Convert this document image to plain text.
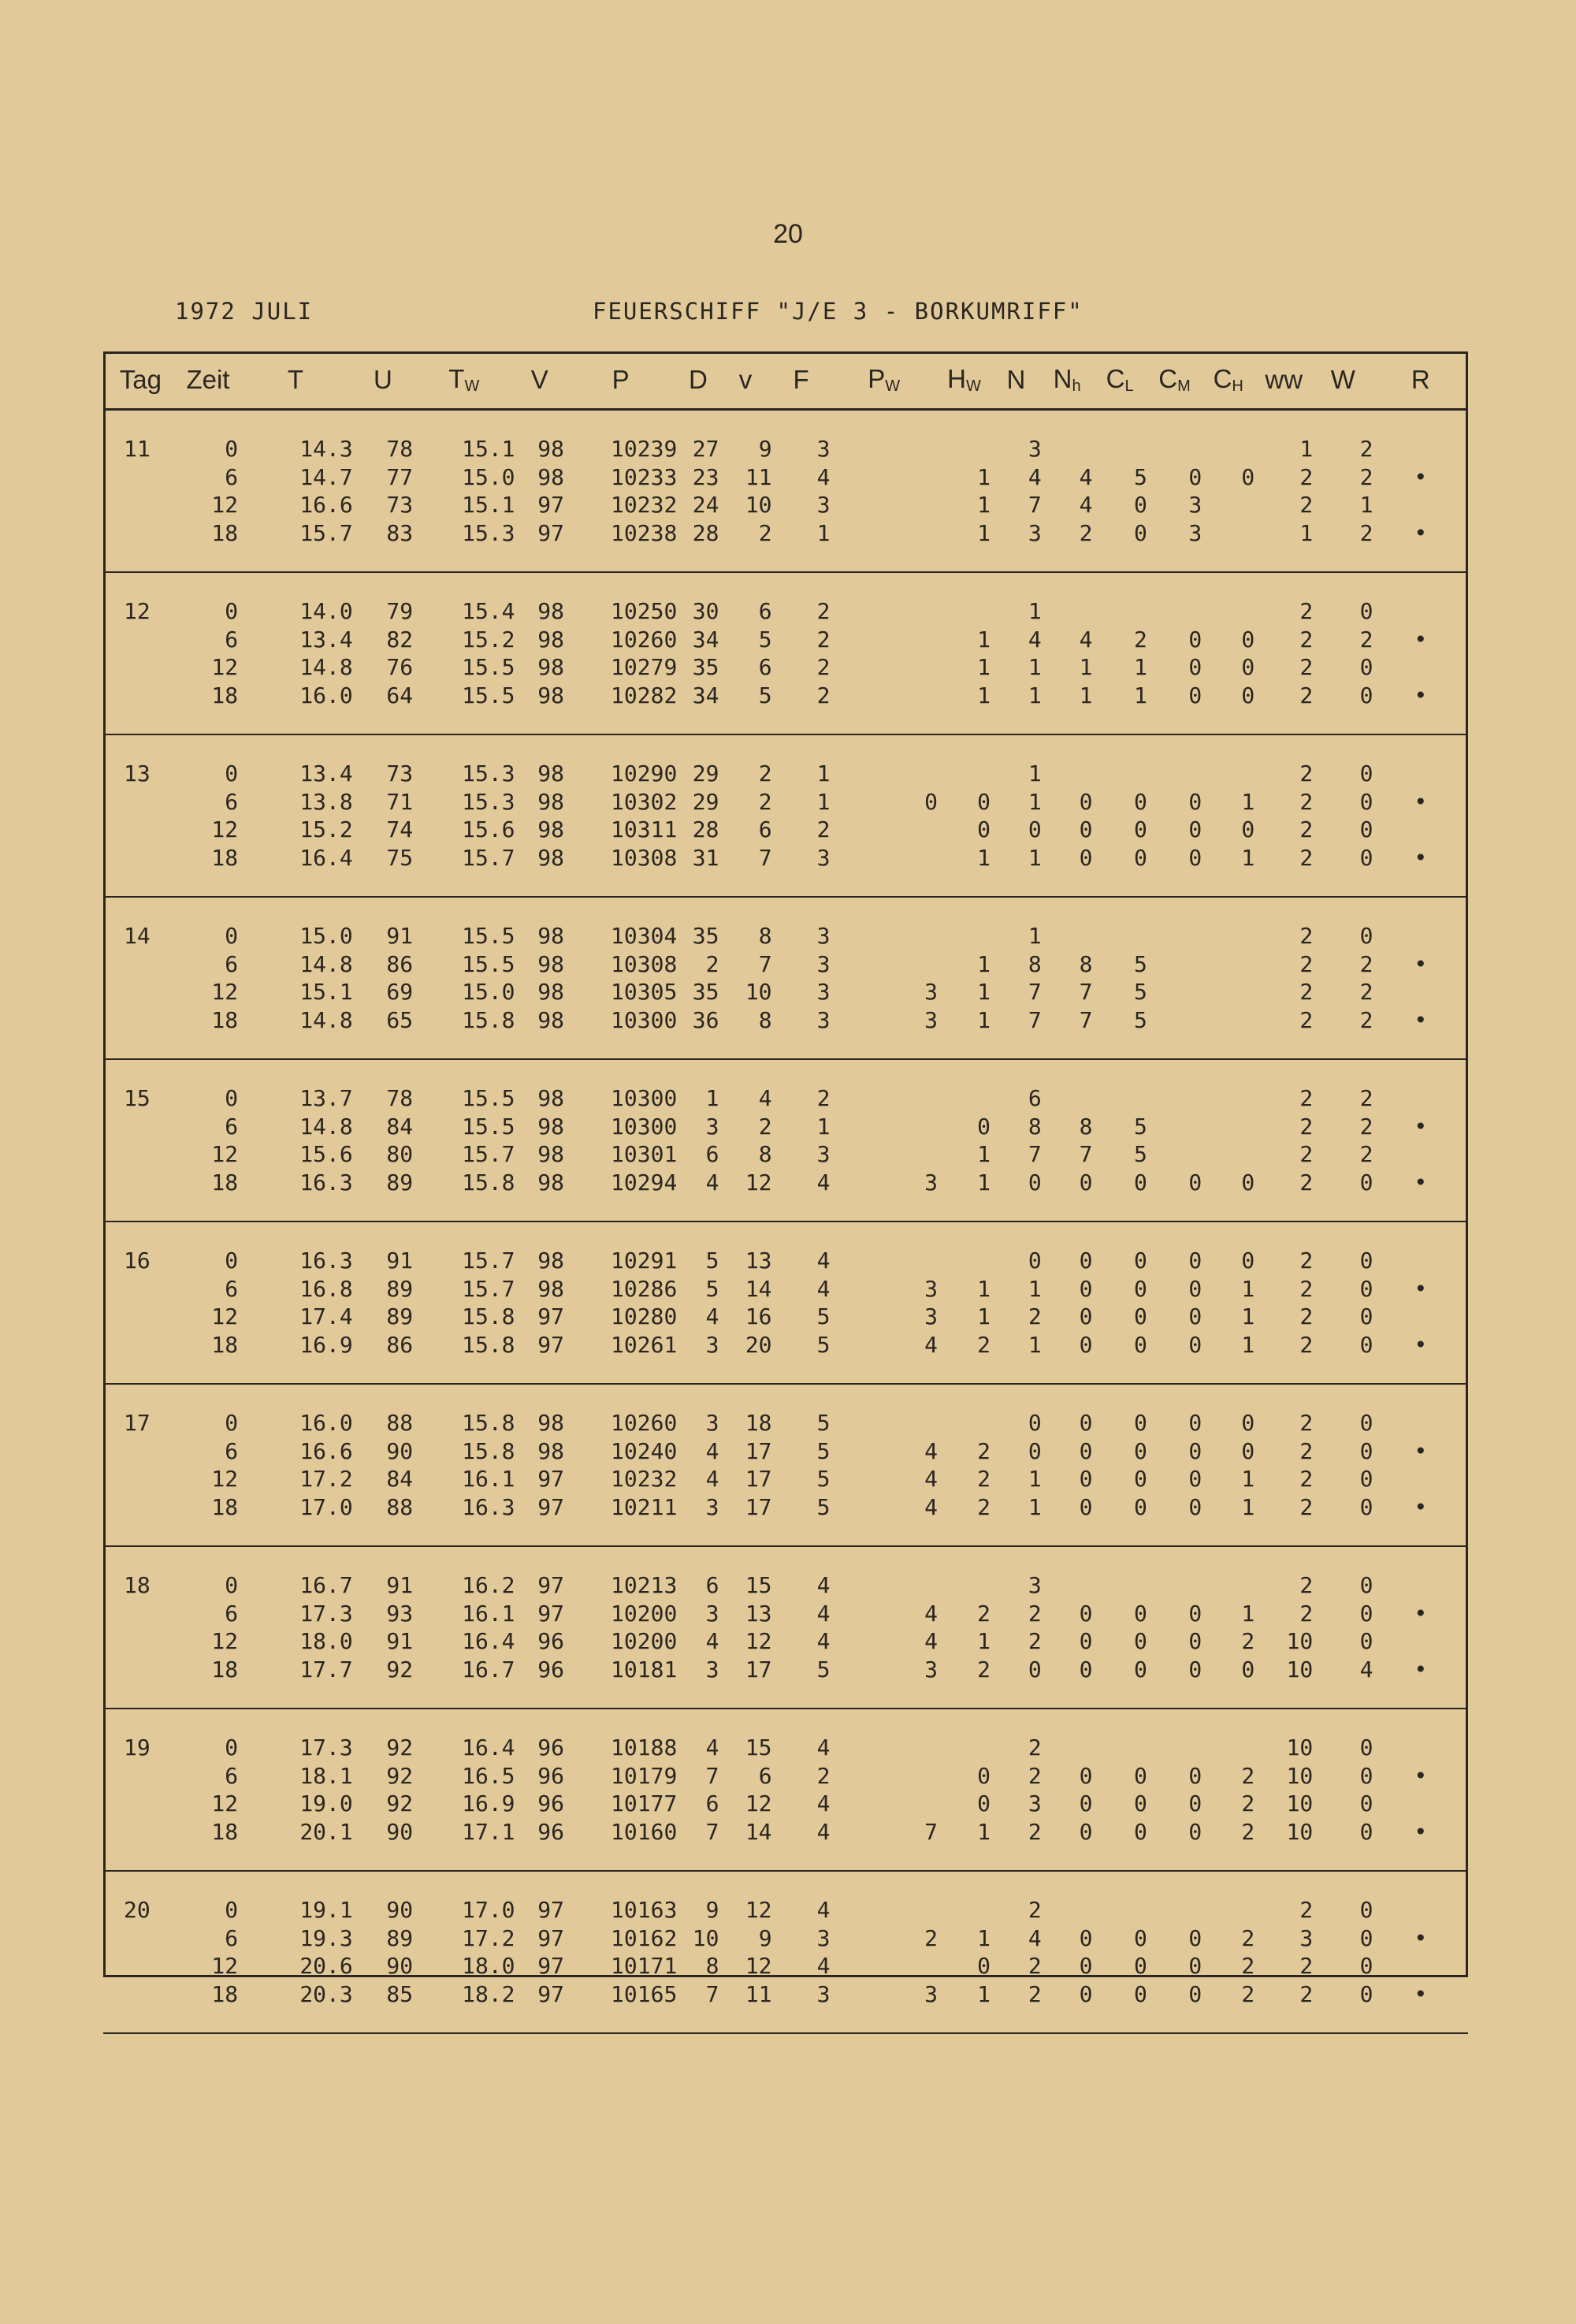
20
1972 JULI	FEUERSCHIFF "J/E 3 - BORKUMRIFF"
Tag	Zeit	T	U	$T_W$	V	P	D	v	F	$P_W$	$H_W$	N	$N_h$	$C_L$	$C_M$	$C_H$	ww	W	R

11	0	14.3	78	15.1	98	10239	27	9	3			3					1	2	
	6	14.7	77	15.0	98	10233	23	11	4		1	4	4	5	0	0	2	2	•
	12	16.6	73	15.1	97	10232	24	10	3		1	7	4	0	3		2	1	
	18	15.7	83	15.3	97	10238	28	2	1		1	3	2	0	3		1	2	•

12	0	14.0	79	15.4	98	10250	30	6	2			1					2	0	
	6	13.4	82	15.2	98	10260	34	5	2		1	4	4	2	0	0	2	2	•
	12	14.8	76	15.5	98	10279	35	6	2		1	1	1	1	0	0	2	0	
	18	16.0	64	15.5	98	10282	34	5	2		1	1	1	1	0	0	2	0	•

13	0	13.4	73	15.3	98	10290	29	2	1			1					2	0	
	6	13.8	71	15.3	98	10302	29	2	1	0	0	1	0	0	0	1	2	0	•
	12	15.2	74	15.6	98	10311	28	6	2		0	0	0	0	0	0	2	0	
	18	16.4	75	15.7	98	10308	31	7	3		1	1	0	0	0	1	2	0	•

14	0	15.0	91	15.5	98	10304	35	8	3			1					2	0	
	6	14.8	86	15.5	98	10308	2	7	3		1	8	8	5			2	2	•
	12	15.1	69	15.0	98	10305	35	10	3	3	1	7	7	5			2	2	
	18	14.8	65	15.8	98	10300	36	8	3	3	1	7	7	5			2	2	•

15	0	13.7	78	15.5	98	10300	1	4	2			6					2	2	
	6	14.8	84	15.5	98	10300	3	2	1		0	8	8	5			2	2	•
	12	15.6	80	15.7	98	10301	6	8	3		1	7	7	5			2	2	
	18	16.3	89	15.8	98	10294	4	12	4	3	1	0	0	0	0	0	2	0	•

16	0	16.3	91	15.7	98	10291	5	13	4			0	0	0	0	0	2	0	
	6	16.8	89	15.7	98	10286	5	14	4	3	1	1	0	0	0	1	2	0	•
	12	17.4	89	15.8	97	10280	4	16	5	3	1	2	0	0	0	1	2	0	
	18	16.9	86	15.8	97	10261	3	20	5	4	2	1	0	0	0	1	2	0	•

17	0	16.0	88	15.8	98	10260	3	18	5			0	0	0	0	0	2	0	
	6	16.6	90	15.8	98	10240	4	17	5	4	2	0	0	0	0	0	2	0	•
	12	17.2	84	16.1	97	10232	4	17	5	4	2	1	0	0	0	1	2	0	
	18	17.0	88	16.3	97	10211	3	17	5	4	2	1	0	0	0	1	2	0	•

18	0	16.7	91	16.2	97	10213	6	15	4			3					2	0	
	6	17.3	93	16.1	97	10200	3	13	4	4	2	2	0	0	0	1	2	0	•
	12	18.0	91	16.4	96	10200	4	12	4	4	1	2	0	0	0	2	10	0	
	18	17.7	92	16.7	96	10181	3	17	5	3	2	0	0	0	0	0	10	4	•

19	0	17.3	92	16.4	96	10188	4	15	4			2					10	0	
	6	18.1	92	16.5	96	10179	7	6	2		0	2	0	0	0	2	10	0	•
	12	19.0	92	16.9	96	10177	6	12	4		0	3	0	0	0	2	10	0	
	18	20.1	90	17.1	96	10160	7	14	4	7	1	2	0	0	0	2	10	0	•

20	0	19.1	90	17.0	97	10163	9	12	4			2					2	0	
	6	19.3	89	17.2	97	10162	10	9	3	2	1	4	0	0	0	2	3	0	•
	12	20.6	90	18.0	97	10171	8	12	4		0	2	0	0	0	2	2	0	
	18	20.3	85	18.2	97	10165	7	11	3	3	1	2	0	0	0	2	2	0	•
